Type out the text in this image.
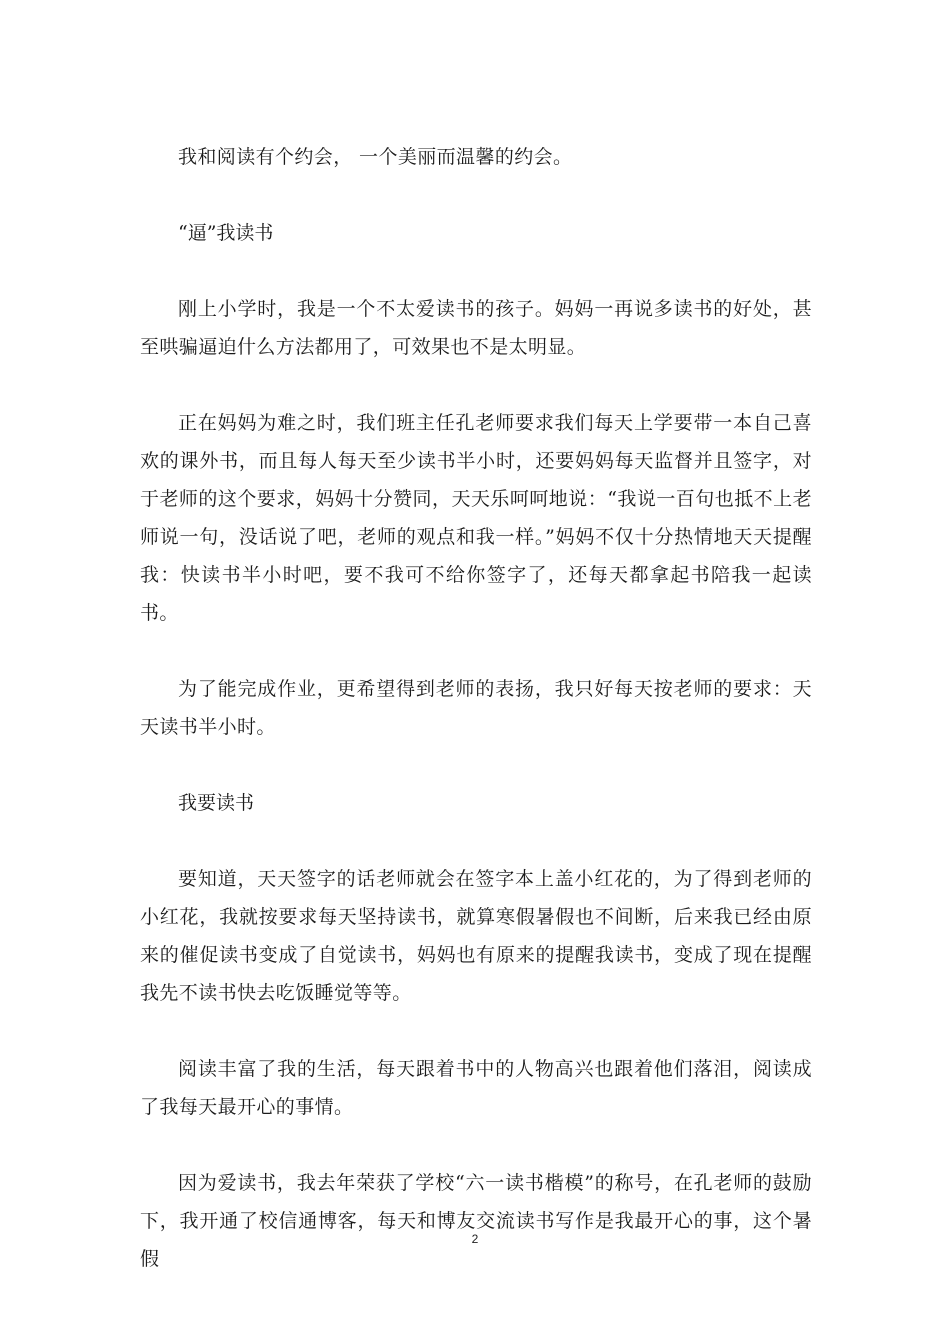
我和阅读有个约会， 一个美丽而温馨的约会。

“逼”我读书

刚上小学时，我是一个不太爱读书的孩子。妈妈一再说多读书的好处，甚至哄骗逼迫什么方法都用了，可效果也不是太明显。

正在妈妈为难之时，我们班主任孔老师要求我们每天上学要带一本自己喜欢的课外书，而且每人每天至少读书半小时，还要妈妈每天监督并且签字，对于老师的这个要求，妈妈十分赞同，天天乐呵呵地说：“我说一百句也抵不上老师说一句，没话说了吧，老师的观点和我一样。”妈妈不仅十分热情地天天提醒我：快读书半小时吧，要不我可不给你签字了，还每天都拿起书陪我一起读书。

为了能完成作业，更希望得到老师的表扬，我只好每天按老师的要求：天天读书半小时。

我要读书

要知道，天天签字的话老师就会在签字本上盖小红花的，为了得到老师的小红花，我就按要求每天坚持读书，就算寒假暑假也不间断，后来我已经由原来的催促读书变成了自觉读书，妈妈也有原来的提醒我读书，变成了现在提醒我先不读书快去吃饭睡觉等等。

阅读丰富了我的生活，每天跟着书中的人物高兴也跟着他们落泪，阅读成了我每天最开心的事情。

因为爱读书，我去年荣获了学校“六一读书楷模”的称号，在孔老师的鼓励下，我开通了校信通博客，每天和博友交流读书写作是我最开心的事，这个暑假

2
